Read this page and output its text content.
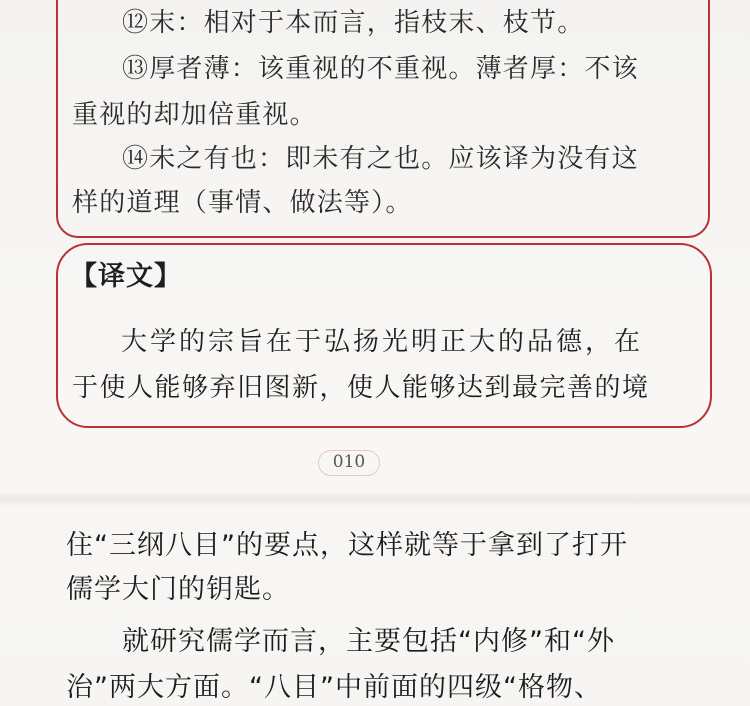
⑫末：相对于本而言，指枝末、枝节。
⑬厚者薄：该重视的不重视。薄者厚：不该
重视的却加倍重视。
⑭未之有也：即未有之也。应该译为没有这
样的道理（事情、做法等）。
【译文】
大学的宗旨在于弘扬光明正大的品德，在
于使人能够弃旧图新，使人能够达到最完善的境
010
住“三纲八目”的要点，这样就等于拿到了打开
儒学大门的钥匙。
就研究儒学而言，主要包括“内修”和“外
治”两大方面。“八目”中前面的四级“格物、
